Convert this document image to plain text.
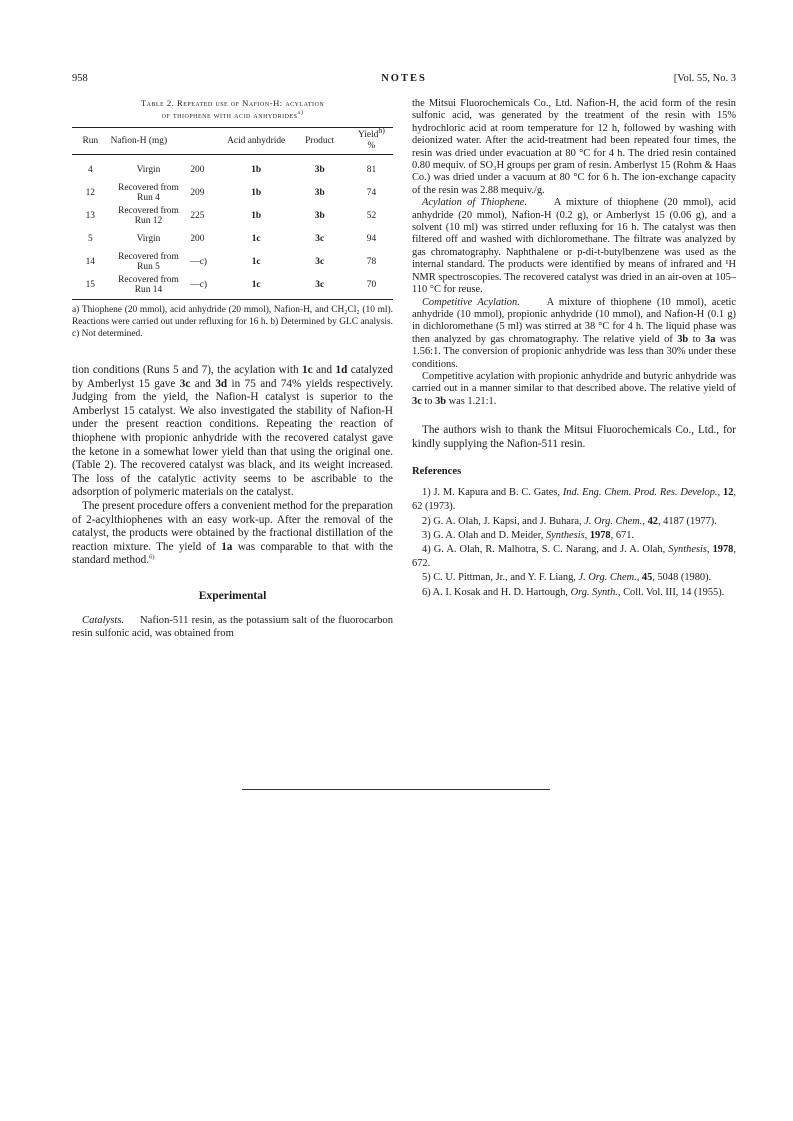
958	NOTES	[Vol. 55, No. 3
Table 2. Repeated use of Nafion-H: acylation
of thiophene with acid anhydrides$^{a)}$
Run	Nafion-H (mg)		Acid anhydride	Product	Yield$^{b)}$
%
4	Virgin	200	1b	3b	81
12	Recovered from Run 4	209	1b	3b	74
13	Recovered from Run 12	225	1b	3b	52
5	Virgin	200	1c	3c	94
14	Recovered from Run 5	—c)	1c	3c	78
15	Recovered from Run 14	—c)	1c	3c	70
a) Thiophene (20 mmol), acid anhydride (20 mmol), Nafion-H, and CH₂Cl₂ (10 ml). Reactions were carried out under refluxing for 16 h. b) Determined by GLC analysis. c) Not determined.

tion conditions (Runs 5 and 7), the acylation with 1c and 1d catalyzed by Amberlyst 15 gave 3c and 3d in 75 and 74% yields respectively. Judging from the yield, the Nafion-H catalyst is superior to the Amberlyst 15 catalyst. We also investigated the stability of Nafion-H under the present reaction conditions. Repeating the reaction of thiophene with propionic anhydride with the recovered catalyst gave the ketone in a somewhat lower yield than that using the original one. (Table 2). The recovered catalyst was black, and its weight increased. The loss of the catalytic activity seems to be ascribable to the adsorption of polymeric materials on the catalyst.

The present procedure offers a convenient method for the preparation of 2-acylthiophenes with an easy work-up. After the removal of the catalyst, the products were obtained by the fractional distillation of the reaction mixture. The yield of 1a was comparable to that with the standard method.$^{6)}$

Experimental

Catalysts. Nafion-511 resin, as the potassium salt of the fluorocarbon resin sulfonic acid, was obtained from

the Mitsui Fluorochemicals Co., Ltd. Nafion-H, the acid form of the resin sulfonic acid, was generated by the treatment of the resin with 15% hydrochloric acid at room temperature for 12 h, followed by washing with deionized water. After the acid-treatment had been repeated four times, the resin was dried under evacuation at 80 °C for 4 h. The dried resin contained 0.80 mequiv. of SO₃H groups per gram of resin. Amberlyst 15 (Rohm & Haas Co.) was dried under a vacuum at 80 °C for 6 h. The ion-exchange capacity of the resin was 2.88 mequiv./g.

Acylation of Thiophene.	A mixture of thiophene (20 mmol), acid anhydride (20 mmol), Nafion-H (0.2 g), or Amberlyst 15 (0.06 g), and a solvent (10 ml) was stirred under refluxing for 16 h. The catalyst was then filtered off and washed with dichloromethane. The filtrate was analyzed by gas chromatography. Naphthalene or p-di-t-butylbenzene was used as the internal standard. The products were identified by means of infrared and ¹H NMR spectroscopies. The recovered catalyst was dried in an air-oven at 105–110 °C for reuse.

Competitive Acylation.	A mixture of thiophene (10 mmol), acetic anhydride (10 mmol), propionic anhydride (10 mmol), and Nafion-H (0.1 g) in dichloromethane (5 ml) was stirred at 38 °C for 4 h. The liquid phase was then analyzed by gas chromatography. The relative yield of 3b to 3a was 1.56:1. The conversion of propionic anhydride was less than 30% under these conditions.

Competitive acylation with propionic anhydride and butyric anhydride was carried out in a manner similar to that described above. The relative yield of 3c to 3b was 1.21:1.

The authors wish to thank the Mitsui Fluorochemicals Co., Ltd., for kindly supplying the Nafion-511 resin.

References
1) J. M. Kapura and B. C. Gates, Ind. Eng. Chem. Prod. Res. Develop., 12, 62 (1973).
2) G. A. Olah, J. Kapsi, and J. Buhara, J. Org. Chem., 42, 4187 (1977).
3) G. A. Olah and D. Meider, Synthesis, 1978, 671.
4) G. A. Olah, R. Malhotra, S. C. Narang, and J. A. Olah, Synthesis, 1978, 672.
5) C. U. Pittman, Jr., and Y. F. Liang, J. Org. Chem., 45, 5048 (1980).
6) A. I. Kosak and H. D. Hartough, Org. Synth., Coll. Vol. III, 14 (1955).
